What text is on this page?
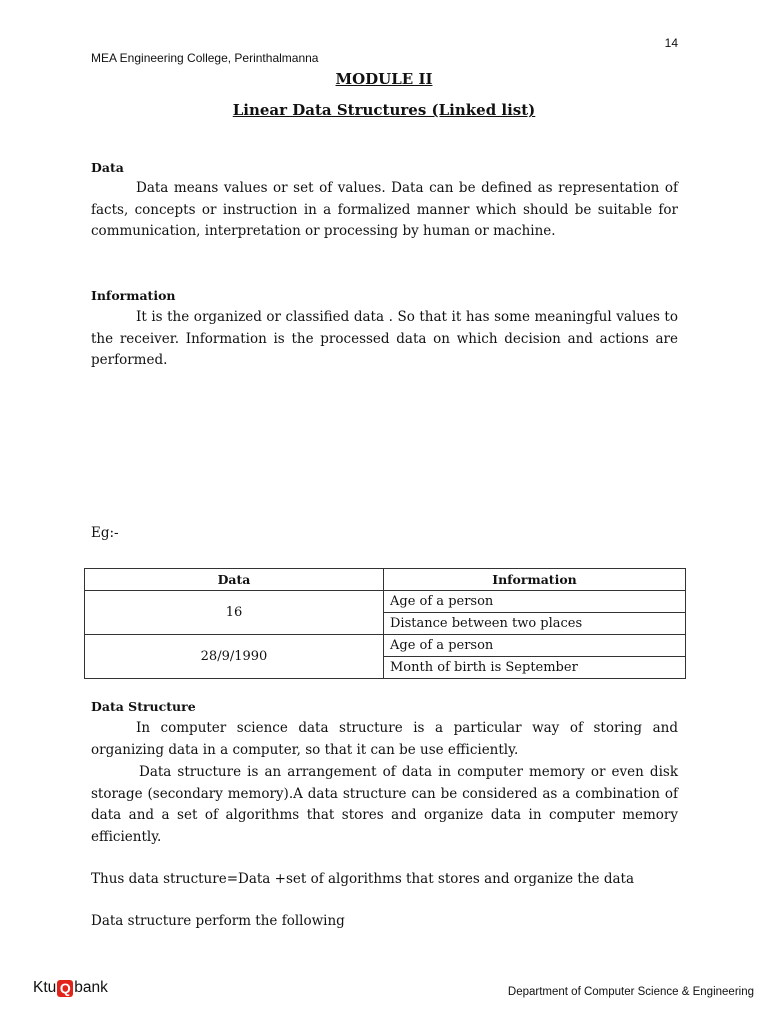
14
MEA Engineering College, Perinthalmanna
MODULE II
Linear Data Structures (Linked list)
Data

Data means values or set of values. Data can be defined as representation of facts, concepts or instruction in a formalized manner which should be suitable for communication, interpretation or processing by human or machine.

Information

It is the organized or classified data . So that it has some meaningful values to the receiver. Information is the processed data on which decision and actions are performed.

Eg:-
Data	Information
16	Age of a person
	Distance between two places
28/9/1990	Age of a person
	Month of birth is September
Data Structure

In computer science data structure is a particular way of storing and organizing data in a computer, so that it can be use efficiently.

Data structure is an arrangement of data in computer memory or even disk storage (secondary memory).A data structure can be considered as a combination of data and a set of algorithms that stores and organize data in computer memory efficiently.

Thus data structure=Data +set of algorithms that stores and organize the data
Data structure perform the following
Ktu Q bank	Department of Computer Science & Engineering
